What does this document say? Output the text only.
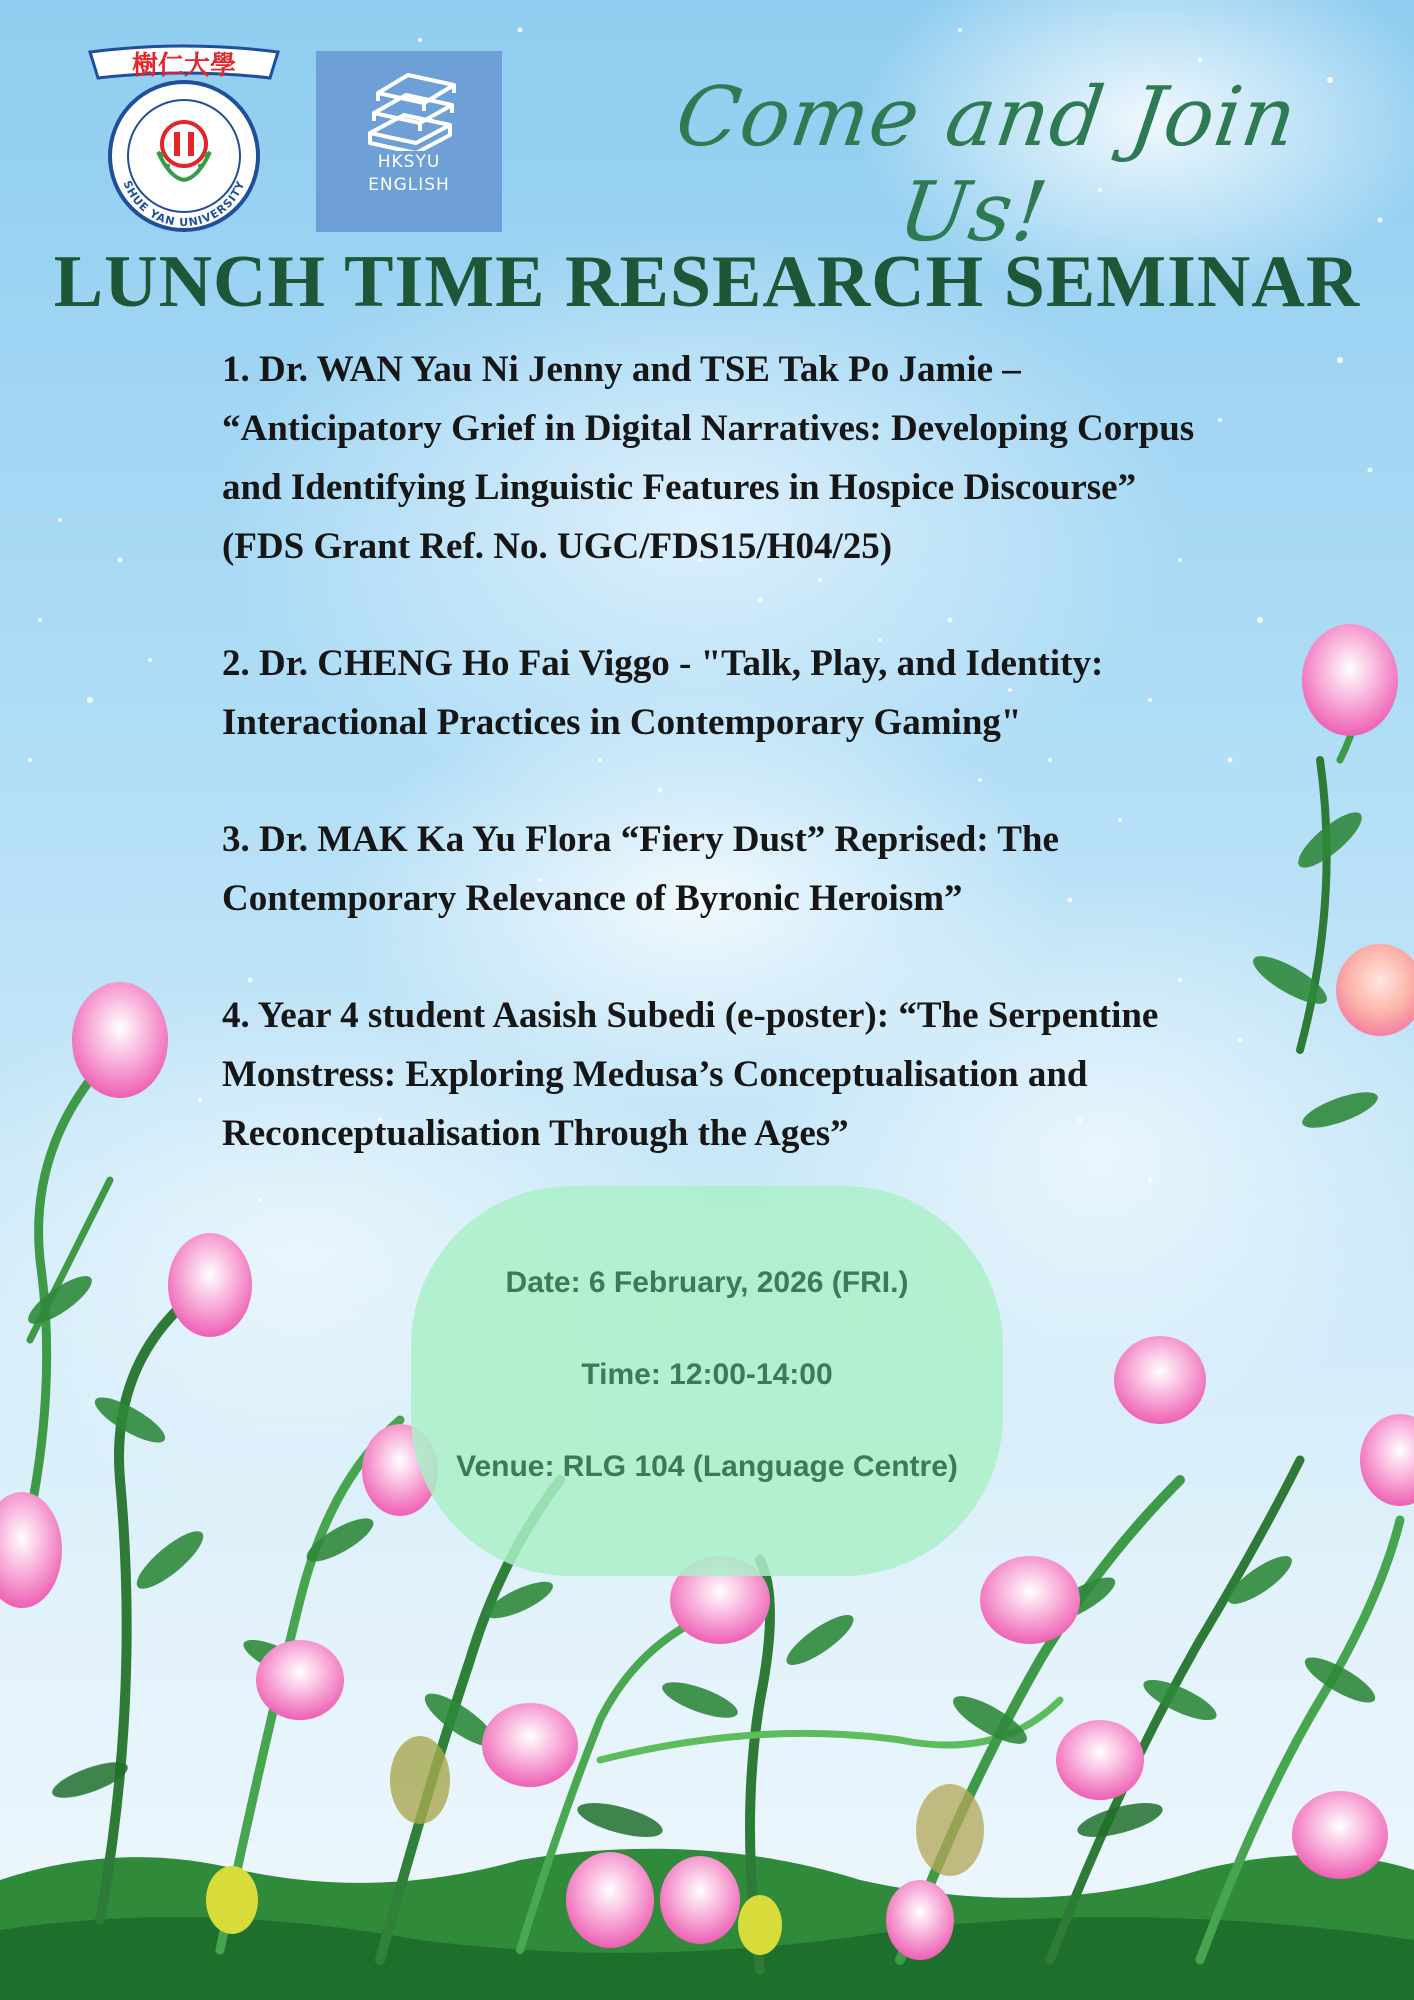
樹仁大學
SHUE YAN UNIVERSITY
HKSYU
ENGLISH
Come and Join Us!
LUNCH TIME RESEARCH SEMINAR
1. Dr. WAN Yau Ni Jenny and TSE Tak Po Jamie – “Anticipatory Grief in Digital Narratives: Developing Corpus and Identifying Linguistic Features in Hospice Discourse” (FDS Grant Ref. No. UGC/FDS15/H04/25)
2. Dr. CHENG Ho Fai Viggo - "Talk, Play, and Identity: Interactional Practices in Contemporary Gaming"
3. Dr. MAK Ka Yu Flora “Fiery Dust” Reprised: The Contemporary Relevance of Byronic Heroism”
4. Year 4 student Aasish Subedi (e-poster): “The Serpentine Monstress: Exploring Medusa’s Conceptualisation and Reconceptualisation Through the Ages”
Date: 6 February, 2026 (FRI.)
Time: 12:00-14:00
Venue: RLG 104 (Language Centre)
